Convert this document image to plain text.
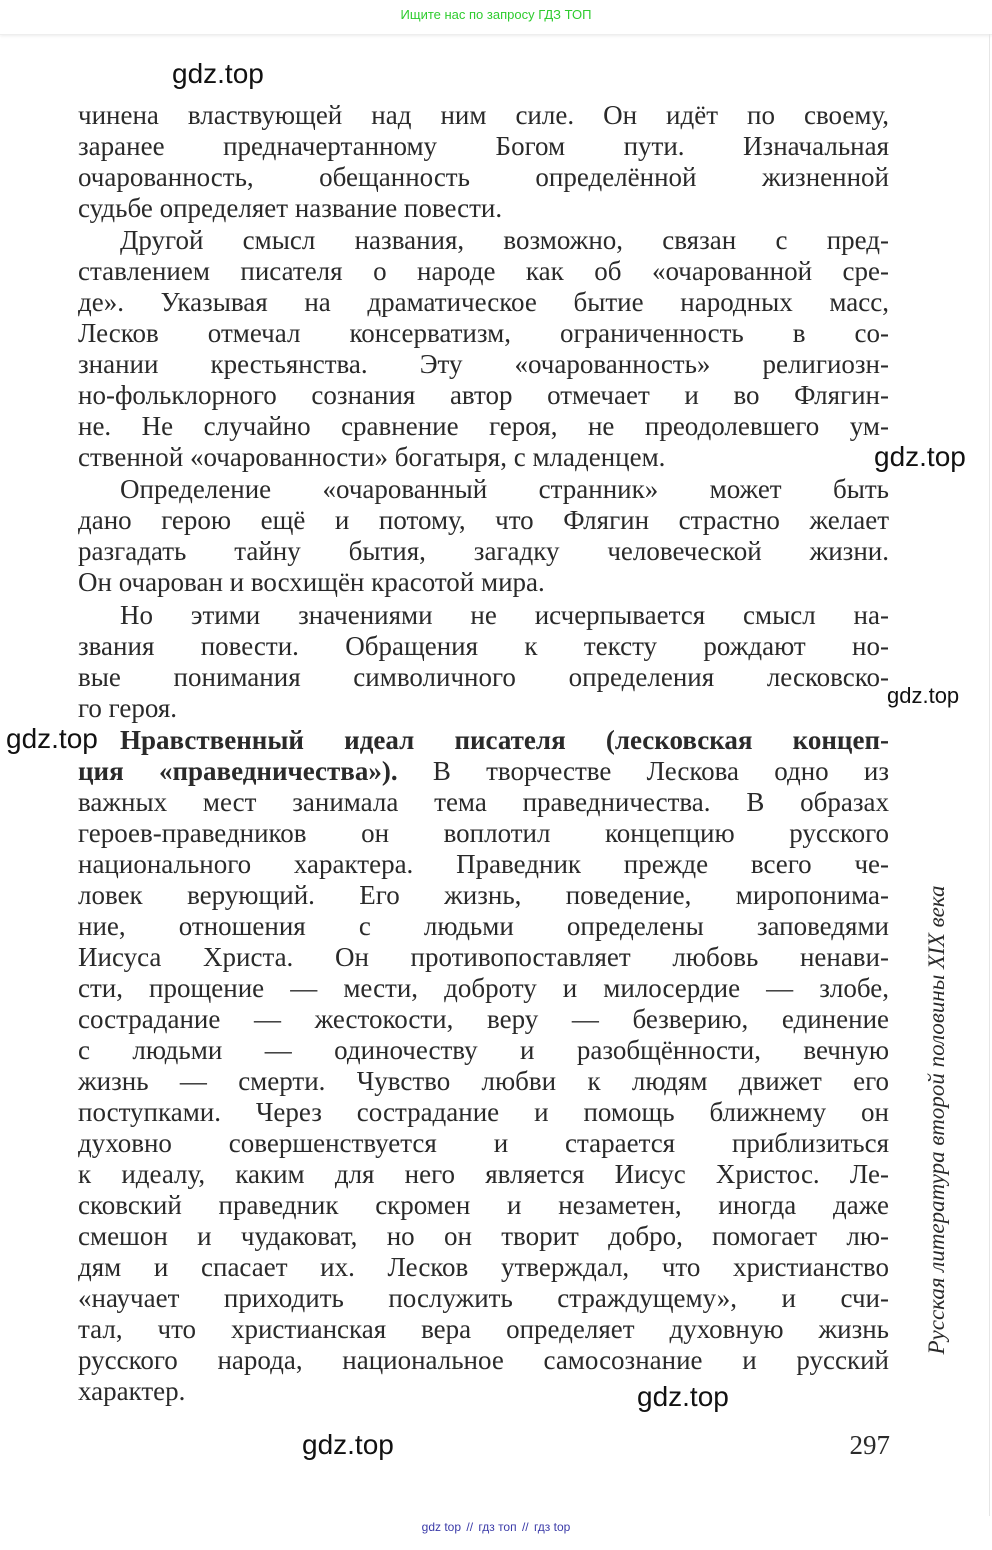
Ищите нас по запросу ГДЗ ТОП
gdz.top
чинена властвующей над ним силе. Он идёт по своему,
заранее предначертанному Богом пути. Изначальная
очарованность, обещанность определённой жизненной
судьбе определяет название повести.
Другой смысл названия, возможно, связан с пред-
ставлением писателя о народе как об «очарованной сре-
де». Указывая на драматическое бытие народных масс,
Лесков отмечал консерватизм, ограниченность в со-
знании крестьянства. Эту «очарованность» религиозн-
но-фольклорного сознания автор отмечает и во Флягин-
не. Не случайно сравнение героя, не преодолевшего ум-
ственной «очарованности» богатыря, с младенцем.	gdz.top
Определение «очарованный странник» может быть
дано герою ещё и потому, что Флягин страстно желает
разгадать тайну бытия, загадку человеческой жизни.
Он очарован и восхищён красотой мира.
Но этими значениями не исчерпывается смысл на-
звания повести. Обращения к тексту рождают но-
вые понимания символичного определения лесковско-
го героя.	gdz.top
gdz.top Нравственный идеал писателя (лесковская концеп-
ция «праведничества»). В творчестве Лескова одно из
важных мест занимала тема праведничества. В образах
героев-праведников он воплотил концепцию русского
национального характера. Праведник прежде всего че-
ловек верующий. Его жизнь, поведение, миропонима-
ние, отношения с людьми определены заповедями
Иисуса Христа. Он противопоставляет любовь ненави-
сти, прощение — мести, доброту и милосердие — злобе,
сострадание — жестокости, веру — безверию, единение
с людьми — одиночеству и разобщённости, вечную
жизнь — смерти. Чувство любви к людям движет его
поступками. Через сострадание и помощь ближнему он
духовно совершенствуется и старается приблизиться
к идеалу, каким для него является Иисус Христос. Ле-
сковский праведник скромен и незаметен, иногда даже
смешон и чудаковат, но он творит добро, помогает лю-
дям и спасает их. Лесков утверждал, что христианство
«научает приходить послужить страждущему», и счи-
тал, что христианская вера определяет духовную жизнь
русского народа, национальное самосознание и русский
характер.
Русская литература второй половины XIX века
gdz.top
gdz.top	297
gdz top // гдз топ // гдз top
